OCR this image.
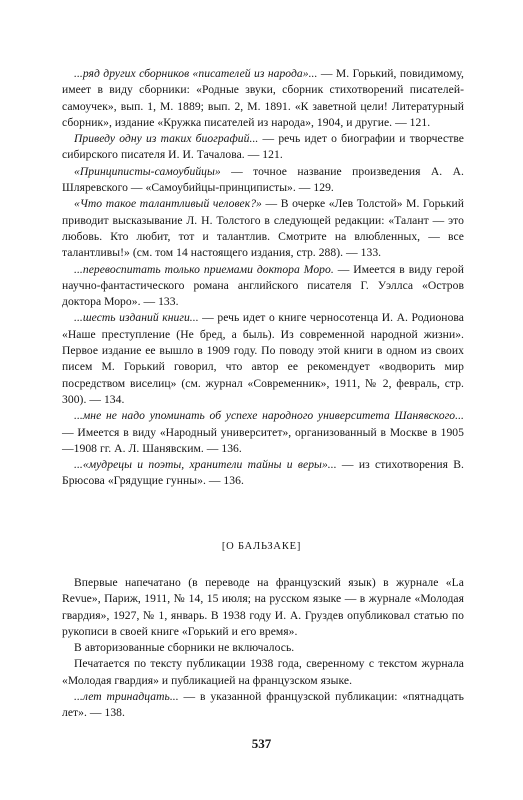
...ряд других сборников «писателей из народа»... — М. Горький, повидимому, имеет в виду сборники: «Родные звуки, сборник стихотворений писателей-самоучек», вып. 1, М. 1889; вып. 2, М. 1891. «К заветной цели! Литературный сборник», издание «Кружка писателей из народа», 1904, и другие. — 121.

Приведу одну из таких биографий... — речь идет о биографии и творчестве сибирского писателя И. И. Тачалова. — 121.

«Принциписты-самоубийцы» — точное название произведения А. А. Шляревского — «Самоубийцы-принциписты». — 129.

«Что такое талантливый человек?» — В очерке «Лев Толстой» М. Горький приводит высказывание Л. Н. Толстого в следующей редакции: «Талант — это любовь. Кто любит, тот и талантлив. Смотрите на влюбленных, — все талантливы!» (см. том 14 настоящего издания, стр. 288). — 133.

...перевоспитать только приемами доктора Моро. — Имеется в виду герой научно-фантастического романа английского писателя Г. Уэллса «Остров доктора Моро». — 133.

...шесть изданий книги... — речь идет о книге черносотенца И. А. Родионова «Наше преступление (Не бред, а быль). Из современной народной жизни». Первое издание ее вышло в 1909 году. По поводу этой книги в одном из своих писем М. Горький говорил, что автор ее рекомендует «водворить мир посредством виселиц» (см. журнал «Современник», 1911, № 2, февраль, стр. 300). — 134.

...мне не надо упоминать об успехе народного университета Шанявского... — Имеется в виду «Народный университет», организованный в Москве в 1905—1908 гг. А. Л. Шанявским. — 136.

...«мудрецы и поэты, хранители тайны и веры»... — из стихотворения В. Брюсова «Грядущие гунны». — 136.

[О БАЛЬЗАКЕ]

Впервые напечатано (в переводе на французский язык) в журнале «La Revue», Париж, 1911, № 14, 15 июля; на русском языке — в журнале «Молодая гвардия», 1927, № 1, январь. В 1938 году И. А. Груздев опубликовал статью по рукописи в своей книге «Горький и его время».

В авторизованные сборники не включалось.

Печатается по тексту публикации 1938 года, сверенному с текстом журнала «Молодая гвардия» и публикацией на французском языке.

...лет тринадцать... — в указанной французской публикации: «пятнадцать лет». — 138.

537
